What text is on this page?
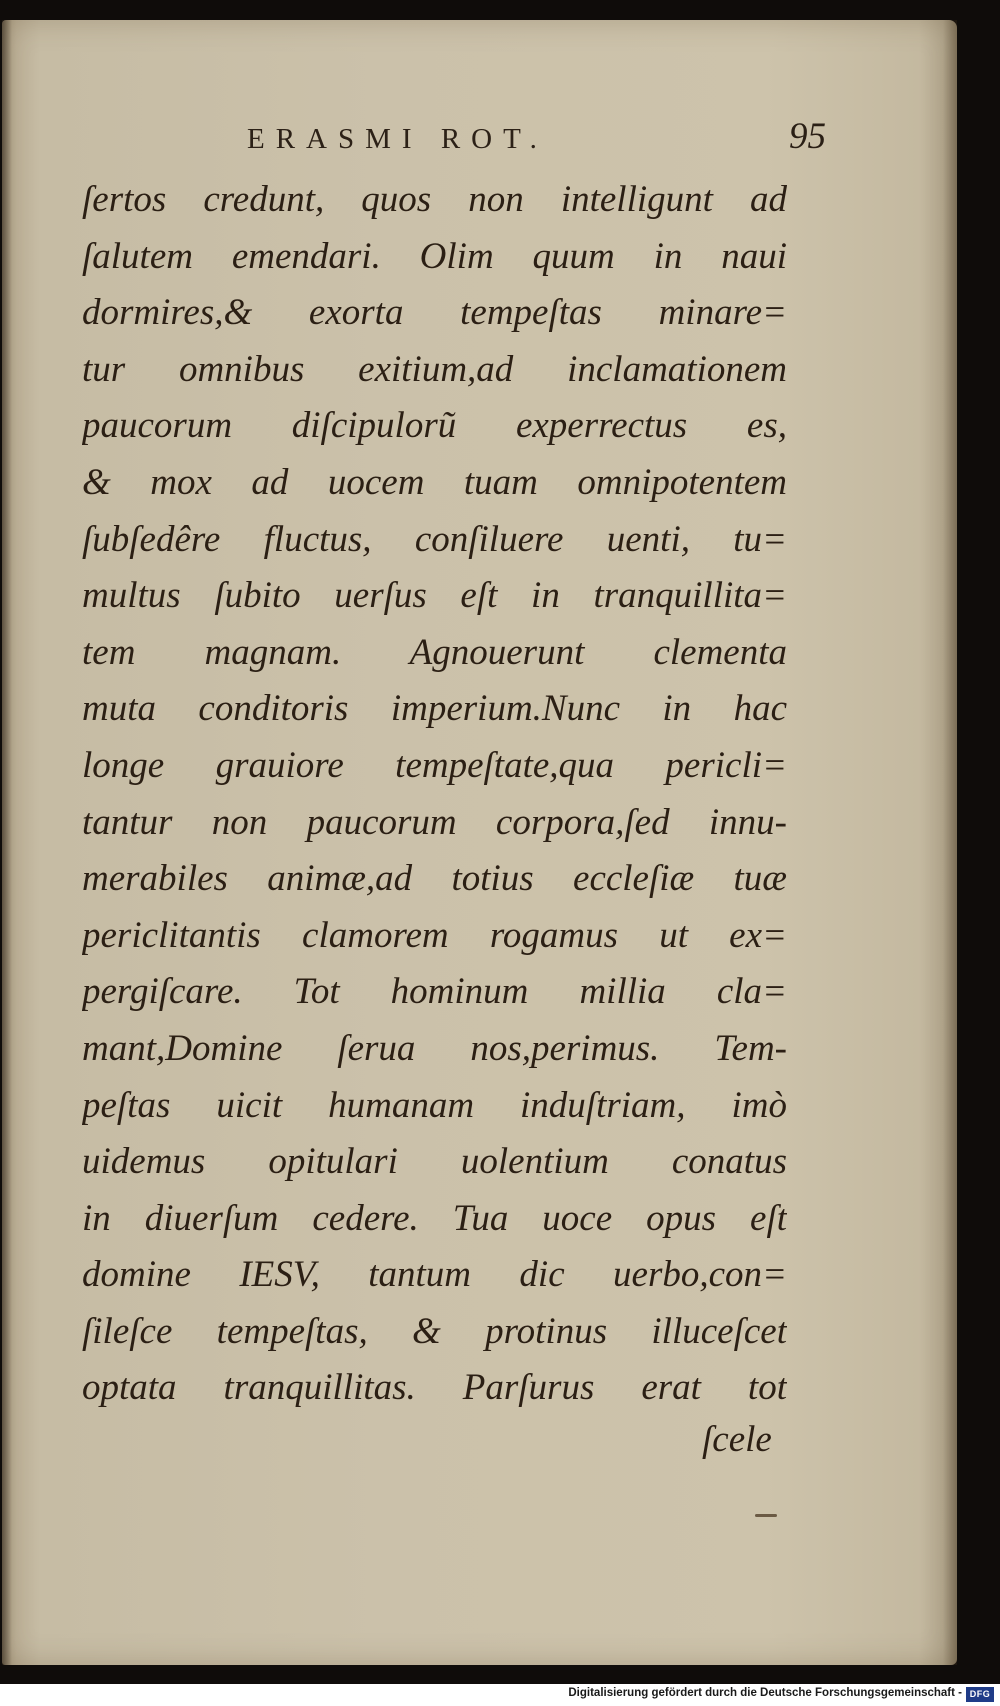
ERASMI ROT.	95
ſertos credunt, quos non intelligunt ad
ſalutem emendari. Olim quum in naui
dormires,& exorta tempeſtas minare=
tur omnibus exitium,ad inclamationem
paucorum diſcipulorũ experrectus es,
& mox ad uocem tuam omnipotentem
ſubſedêre fluctus, conſiluere uenti, tu=
multus ſubito uerſus eſt in tranquillita=
tem magnam. Agnouerunt clementa
muta conditoris imperium.Nunc in hac
longe grauiore tempeſtate,qua pericli=
tantur non paucorum corpora,ſed innu-
merabiles animæ,ad totius eccleſiæ tuæ
periclitantis clamorem rogamus ut ex=
pergiſcare. Tot hominum millia cla=
mant,Domine ſerua nos,perimus. Tem-
peſtas uicit humanam induſtriam, imò
uidemus opitulari uolentium conatus
in diuerſum cedere. Tua uoce opus eſt
domine IESV, tantum dic uerbo,con=
ſileſce tempeſtas, & protinus illuceſcet
optata tranquillitas. Parſurus erat tot
ſcele
Digitalisierung gefördert durch die Deutsche Forschungsgemeinschaft - DFG
